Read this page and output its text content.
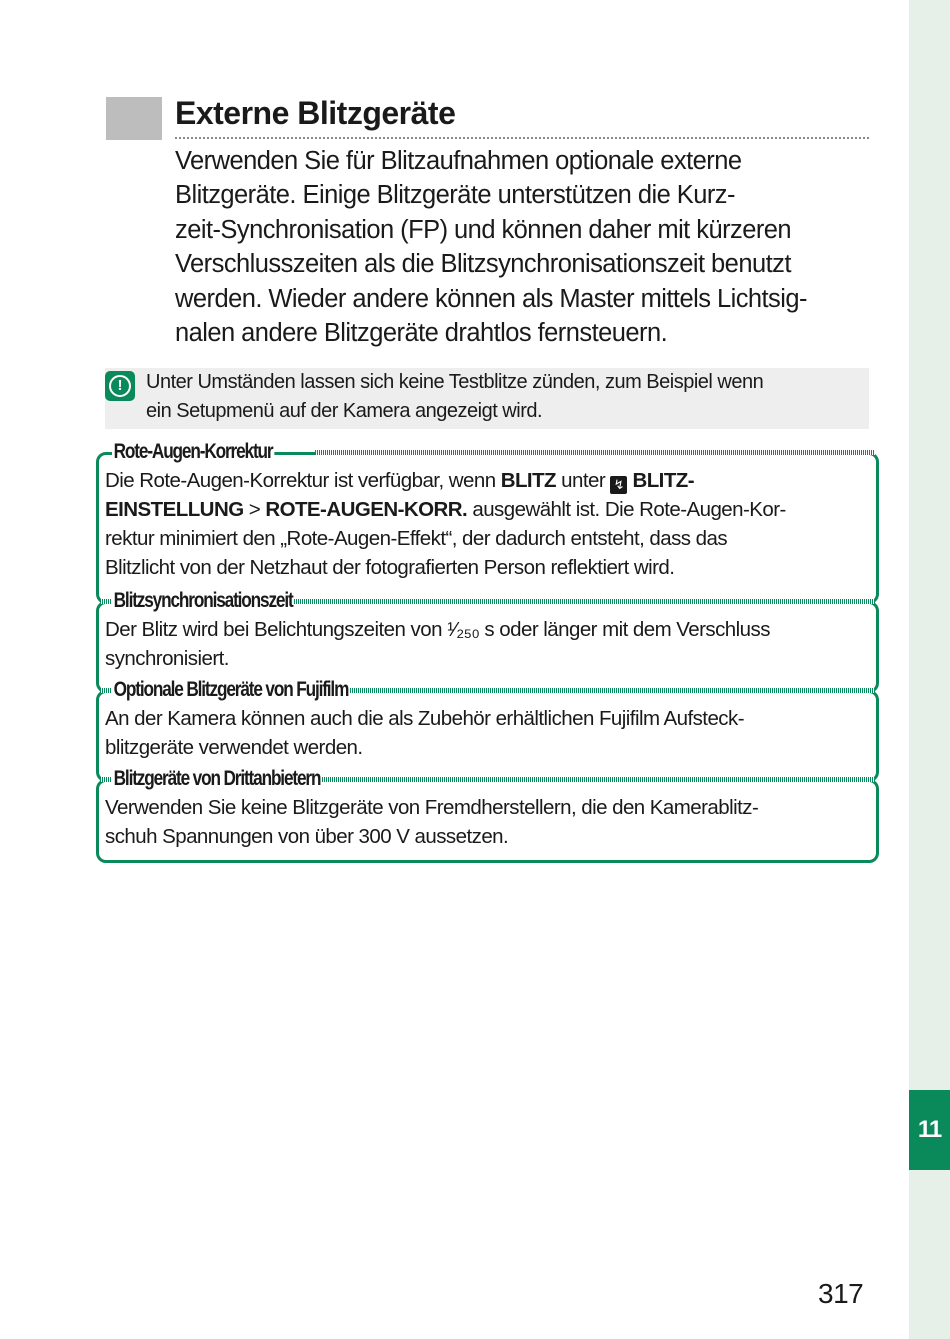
11
Externe Blitzgeräte
Verwenden Sie für Blitzaufnahmen optionale externe
Blitzgeräte. Einige Blitzgeräte unterstützen die Kurz-
zeit-Synchronisation (FP) und können daher mit kürzeren
Verschlusszeiten als die Blitzsynchronisationszeit benutzt
werden. Wieder andere können als Master mittels Lichtsig-
nalen andere Blitzgeräte drahtlos fernsteuern.
!	Unter Umständen lassen sich keine Testblitze zünden, zum Beispiel wenn
ein Setupmenü auf der Kamera angezeigt wird.
Rote-Augen-Korrektur
Die Rote-Augen-Korrektur ist verfügbar, wenn BLITZ unter ↯ BLITZ-
EINSTELLUNG > ROTE-AUGEN-KORR. ausgewählt ist. Die Rote-Augen-Kor-
rektur minimiert den „Rote-Augen-Effekt“, der dadurch entsteht, dass das
Blitzlicht von der Netzhaut der fotografierten Person reflektiert wird.
Blitzsynchronisationszeit
Der Blitz wird bei Belichtungszeiten von ¹⁄₂₅₀ s oder länger mit dem Verschluss
synchronisiert.
Optionale Blitzgeräte von Fujifilm
An der Kamera können auch die als Zubehör erhältlichen Fujifilm Aufsteck-
blitzgeräte verwendet werden.
Blitzgeräte von Drittanbietern
Verwenden Sie keine Blitzgeräte von Fremdherstellern, die den Kamerablitz-
schuh Spannungen von über 300 V aussetzen.
317
